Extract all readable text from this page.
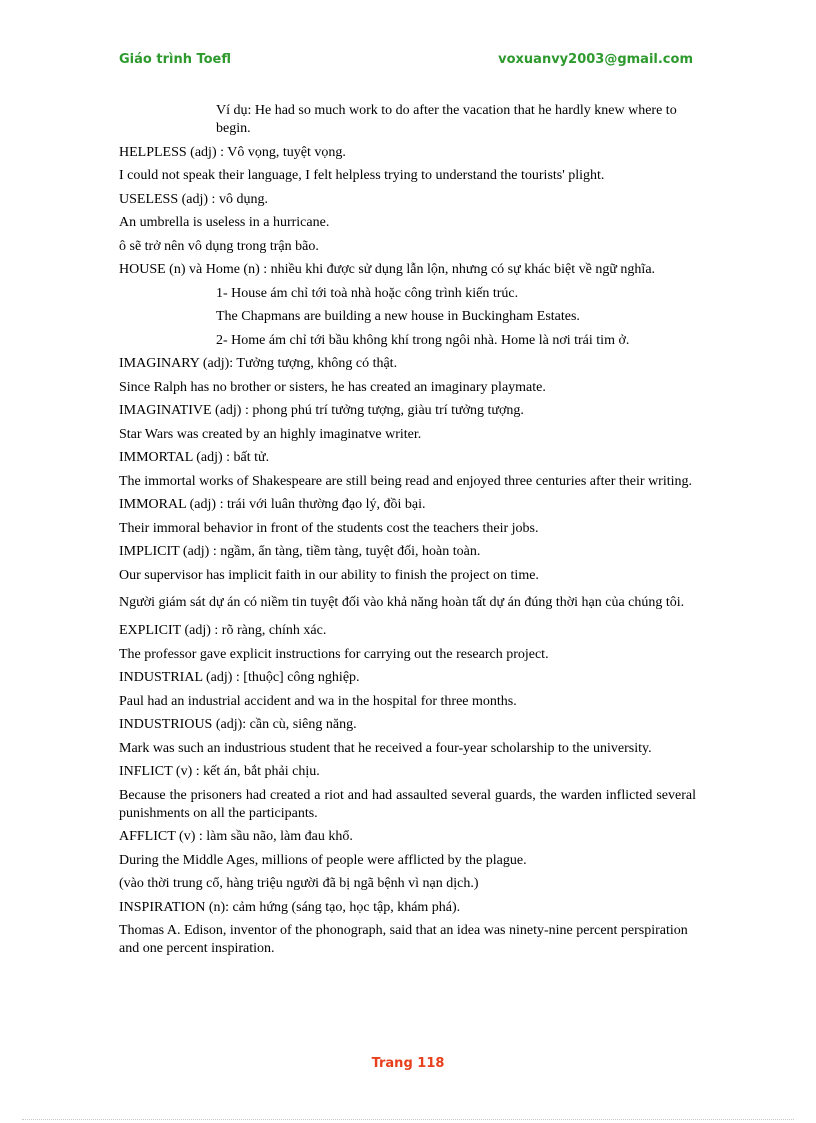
Giáo trình Toefl	voxuanvy2003@gmail.com

Ví dụ: He had so much work to do after the vacation that he hardly knew where to begin.

HELPLESS (adj) : Vô vọng, tuyệt vọng.

I could not speak their language, I felt helpless trying to understand the tourists' plight.

USELESS (adj) : vô dụng.

An umbrella is useless in a hurricane.

ô sẽ trở nên vô dụng trong trận bão.

HOUSE (n) và Home (n) : nhiều khi được sử dụng lẫn lộn, nhưng có sự khác biệt về ngữ nghĩa.

1- House ám chỉ tới toà nhà hoặc công trình kiến trúc.

The Chapmans are building a new house in Buckingham Estates.

2- Home ám chỉ tới bầu không khí trong ngôi nhà. Home là nơi trái tim ở.

IMAGINARY (adj): Tưởng tượng, không có thật.

Since Ralph has no brother or sisters, he has created an imaginary playmate.

IMAGINATIVE (adj) : phong phú trí tưởng tượng, giàu trí tưởng tượng.

Star Wars was created by an highly imaginatve writer.

IMMORTAL (adj) : bất tử.

The immortal works of Shakespeare are still being read and enjoyed three centuries after their writing.

IMMORAL (adj) : trái với luân thường đạo lý, đồi bại.

Their immoral behavior in front of the students cost the teachers their jobs.

IMPLICIT (adj) : ngầm, ẩn tàng, tiềm tàng, tuyệt đối, hoàn toàn.

Our supervisor has implicit faith in our ability to finish the project on time.

Người giám sát dự án có niềm tin tuyệt đối vào khả năng hoàn tất dự án đúng thời hạn của chúng tôi.

EXPLICIT (adj) : rõ ràng, chính xác.

The professor gave explicit instructions for carrying out the research project.

INDUSTRIAL (adj) : [thuộc] công nghiệp.

Paul had an industrial accident and wa in the hospital for three months.

INDUSTRIOUS (adj): cần cù, siêng năng.

Mark was such an industrious student that he received a four-year scholarship to the university.

INFLICT (v) : kết án, bắt phải chịu.

Because the prisoners had created a riot and had assaulted several guards, the warden inflicted several punishments on all the participants.

AFFLICT (v) : làm sầu não, làm đau khổ.

During the Middle Ages, millions of people were afflicted by the plague.

(vào thời trung cổ, hàng triệu người đã bị ngã bệnh vì nạn dịch.)

INSPIRATION (n): cảm hứng (sáng tạo, học tập, khám phá).

Thomas A. Edison, inventor of the phonograph, said that an idea was ninety-nine percent perspiration and one percent inspiration.

Trang 118
